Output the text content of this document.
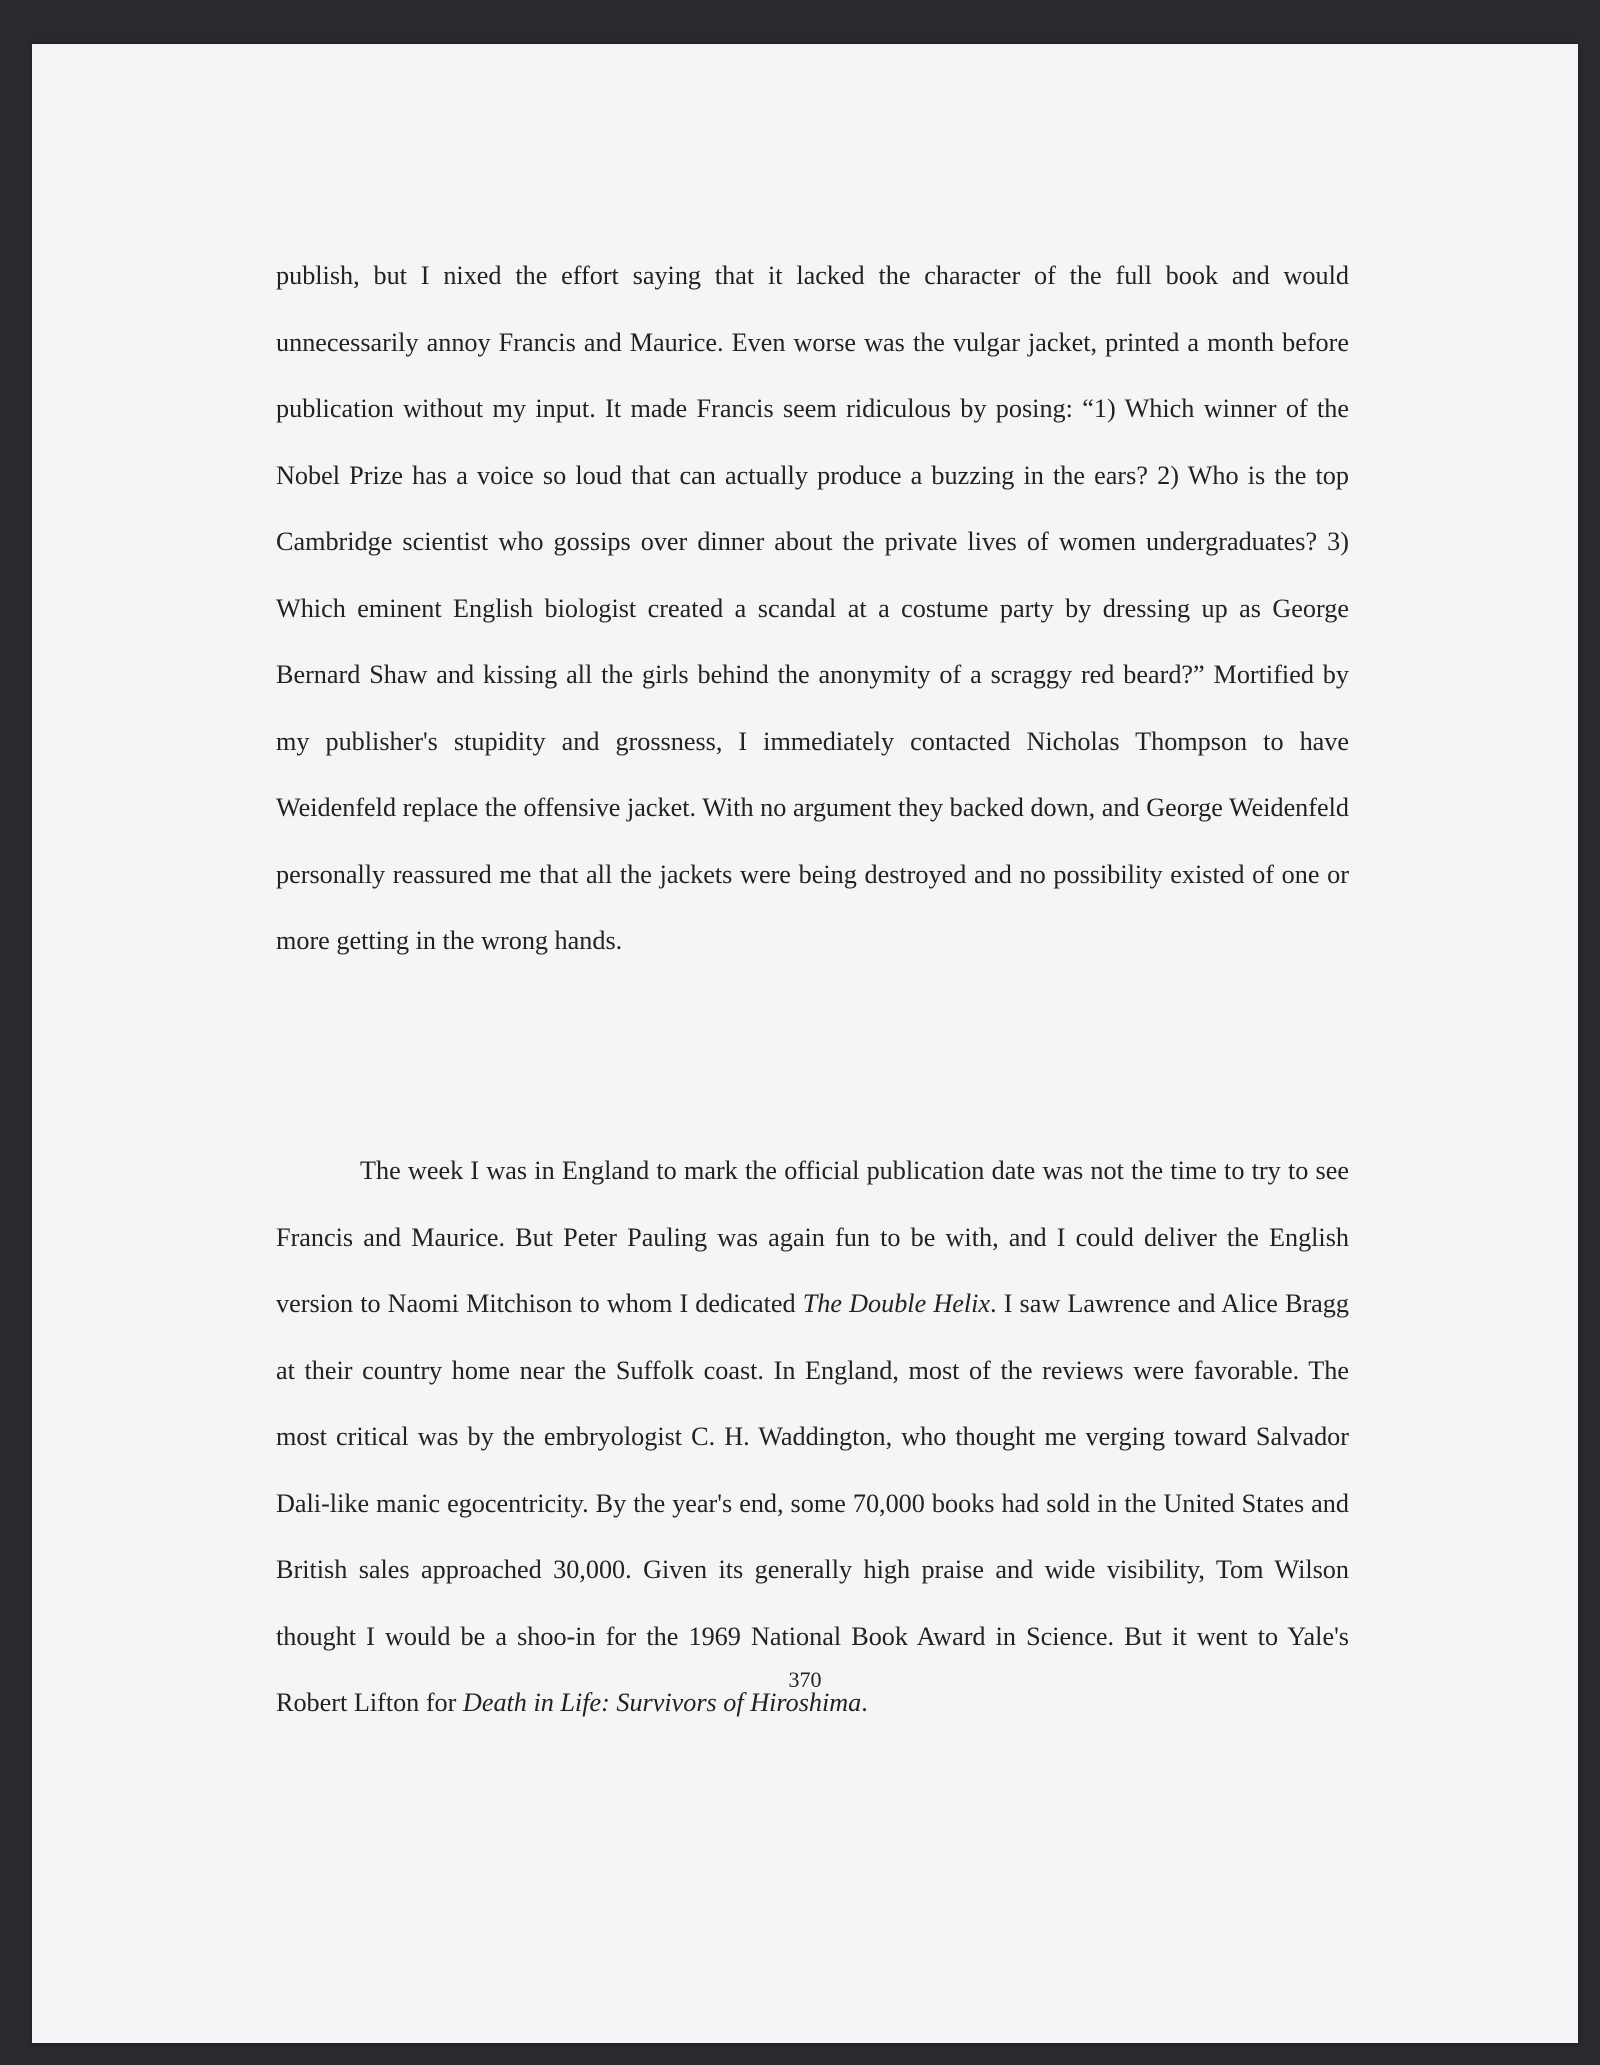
publish, but I nixed the effort saying that it lacked the character of the full book and would unnecessarily annoy Francis and Maurice. Even worse was the vulgar jacket, printed a month before publication without my input. It made Francis seem ridiculous by posing: “1) Which winner of the Nobel Prize has a voice so loud that can actually produce a buzzing in the ears? 2) Who is the top Cambridge scientist who gossips over dinner about the private lives of women undergraduates? 3) Which eminent English biologist created a scandal at a costume party by dressing up as George Bernard Shaw and kissing all the girls behind the anonymity of a scraggy red beard?” Mortified by my publisher's stupidity and grossness, I immediately contacted Nicholas Thompson to have Weidenfeld replace the offensive jacket. With no argument they backed down, and George Weidenfeld personally reassured me that all the jackets were being destroyed and no possibility existed of one or more getting in the wrong hands.

The week I was in England to mark the official publication date was not the time to try to see Francis and Maurice. But Peter Pauling was again fun to be with, and I could deliver the English version to Naomi Mitchison to whom I dedicated The Double Helix. I saw Lawrence and Alice Bragg at their country home near the Suffolk coast. In England, most of the reviews were favorable. The most critical was by the embryologist C. H. Waddington, who thought me verging toward Salvador Dali-like manic egocentricity. By the year's end, some 70,000 books had sold in the United States and British sales approached 30,000. Given its generally high praise and wide visibility, Tom Wilson thought I would be a shoo-in for the 1969 National Book Award in Science. But it went to Yale's Robert Lifton for Death in Life: Survivors of Hiroshima.

370
